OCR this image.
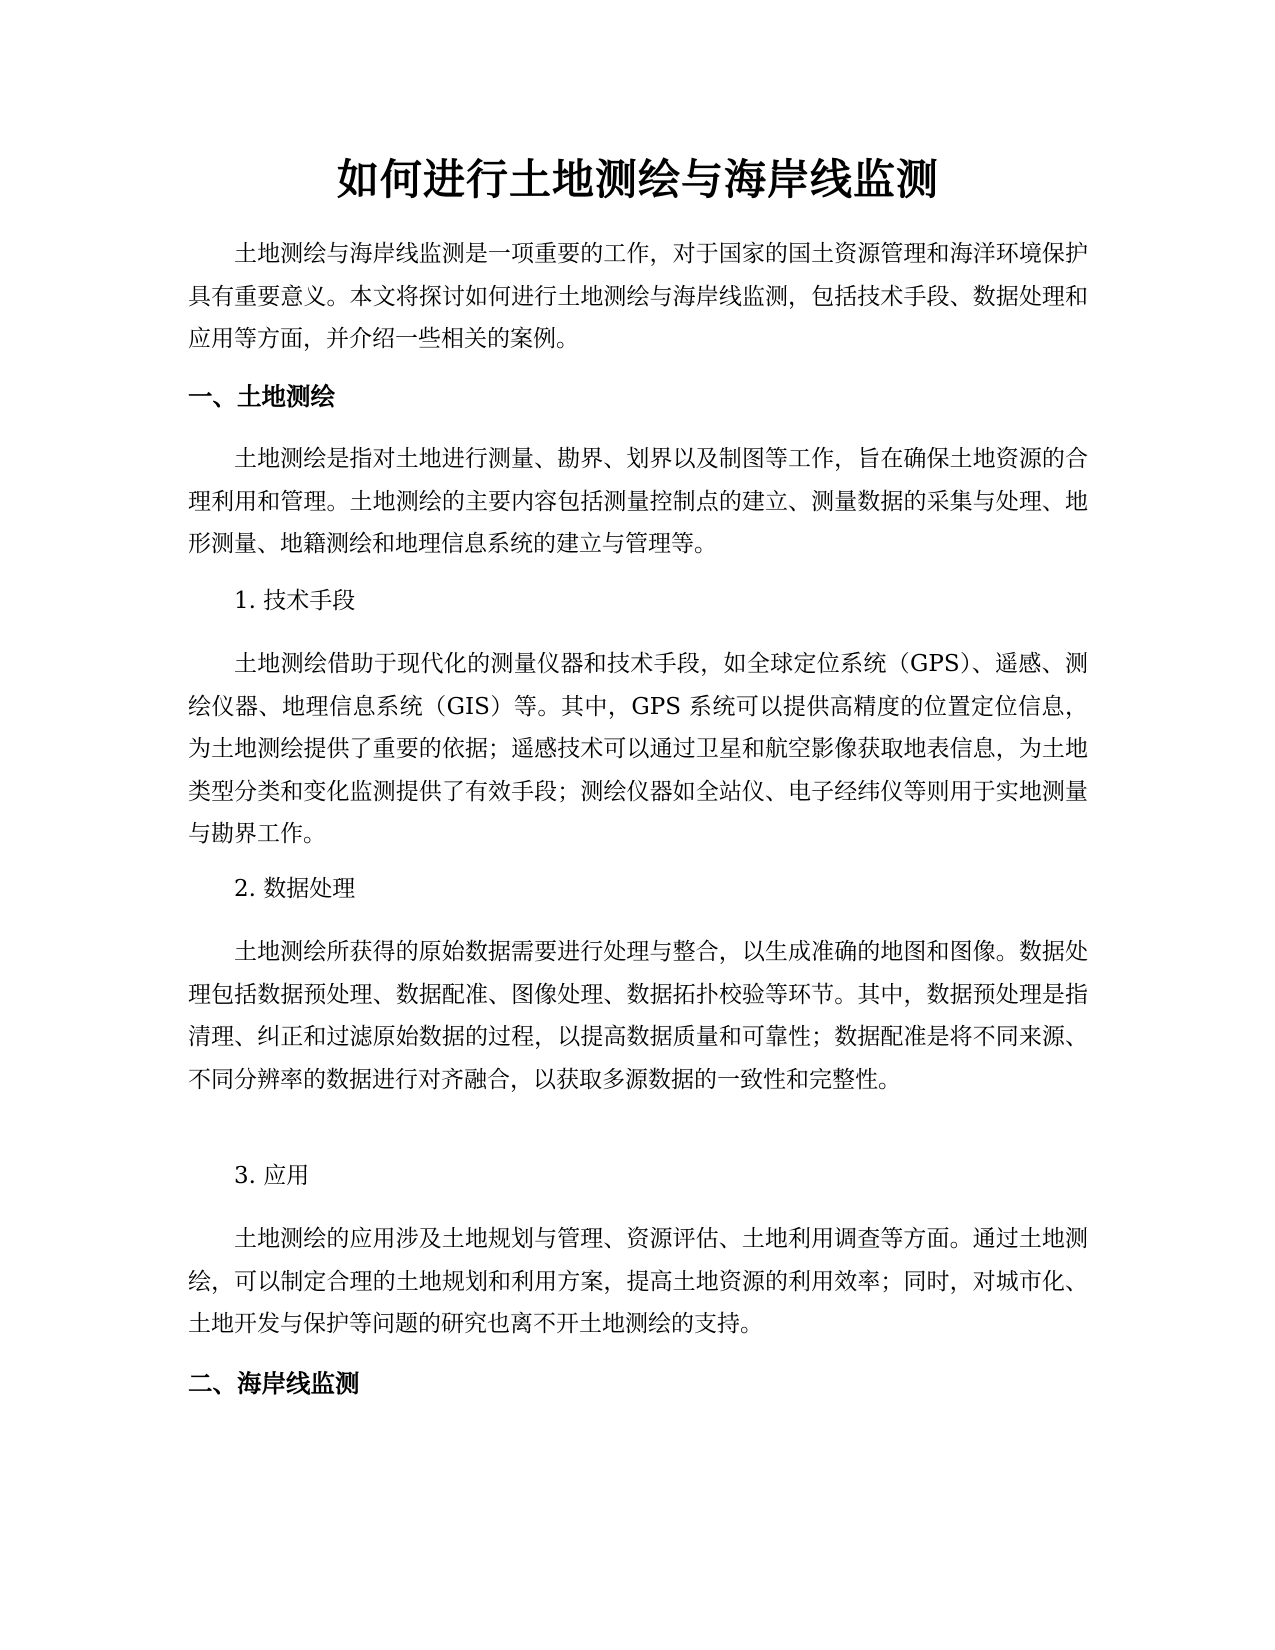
如何进行土地测绘与海岸线监测

土地测绘与海岸线监测是一项重要的工作，对于国家的国土资源管理和海洋环境保护具有重要意义。本文将探讨如何进行土地测绘与海岸线监测，包括技术手段、数据处理和应用等方面，并介绍一些相关的案例。

一、土地测绘

土地测绘是指对土地进行测量、勘界、划界以及制图等工作，旨在确保土地资源的合理利用和管理。土地测绘的主要内容包括测量控制点的建立、测量数据的采集与处理、地形测量、地籍测绘和地理信息系统的建立与管理等。

1. 技术手段

土地测绘借助于现代化的测量仪器和技术手段，如全球定位系统（GPS）、遥感、测绘仪器、地理信息系统（GIS）等。其中，GPS 系统可以提供高精度的位置定位信息，为土地测绘提供了重要的依据；遥感技术可以通过卫星和航空影像获取地表信息，为土地类型分类和变化监测提供了有效手段；测绘仪器如全站仪、电子经纬仪等则用于实地测量与勘界工作。

2. 数据处理

土地测绘所获得的原始数据需要进行处理与整合，以生成准确的地图和图像。数据处理包括数据预处理、数据配准、图像处理、数据拓扑校验等环节。其中，数据预处理是指清理、纠正和过滤原始数据的过程，以提高数据质量和可靠性；数据配准是将不同来源、不同分辨率的数据进行对齐融合，以获取多源数据的一致性和完整性。

3. 应用

土地测绘的应用涉及土地规划与管理、资源评估、土地利用调查等方面。通过土地测绘，可以制定合理的土地规划和利用方案，提高土地资源的利用效率；同时，对城市化、土地开发与保护等问题的研究也离不开土地测绘的支持。

二、海岸线监测
